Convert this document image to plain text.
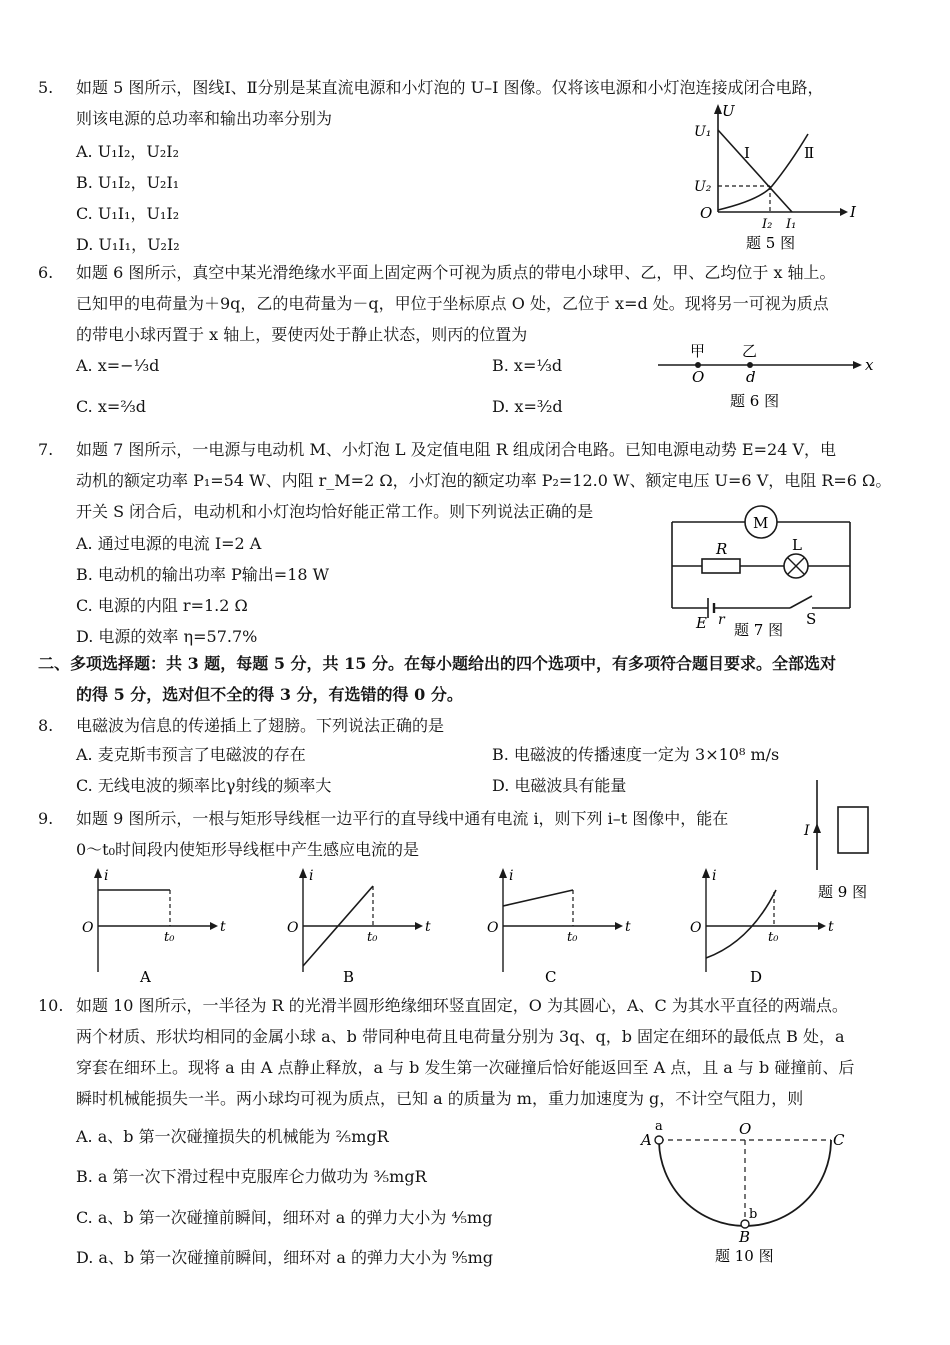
5. 如题 5 图所示，图线Ⅰ、Ⅱ分别是某直流电源和小灯泡的 U–I 图像。仅将该电源和小灯泡连接成闭合电路，
则该电源的总功率和输出功率分别为
A. U₁I₂，U₂I₂
B. U₁I₂，U₂I₁
C. U₁I₁，U₁I₂
D. U₁I₁，U₂I₂
U
U₁
U₂
O	I
I₂ I₁
Ⅰ	Ⅱ
题 5 图
6. 如题 6 图所示，真空中某光滑绝缘水平面上固定两个可视为质点的带电小球甲、乙，甲、乙均位于 x 轴上。
已知甲的电荷量为＋9q，乙的电荷量为－q，甲位于坐标原点 O 处，乙位于 x=d 处。现将另一可视为质点
的带电小球丙置于 x 轴上，要使丙处于静止状态，则丙的位置为
A. x=−⅓d	B. x=⅓d
C. x=⅔d	D. x=³⁄₂d
甲 乙
O	d
x
题 6 图
7. 如题 7 图所示，一电源与电动机 M、小灯泡 L 及定值电阻 R 组成闭合电路。已知电源电动势 E=24 V，电
动机的额定功率 P₁=54 W、内阻 r_M=2 Ω，小灯泡的额定功率 P₂=12.0 W、额定电压 U=6 V，电阻 R=6 Ω。
开关 S 闭合后，电动机和小灯泡均恰好能正常工作。则下列说法正确的是
A. 通过电源的电流 I=2 A
B. 电动机的输出功率 P输出=18 W
C. 电源的内阻 r=1.2 Ω
D. 电源的效率 η=57.7%
M
R	L
E r	S
题 7 图
二、多项选择题：共 3 题，每题 5 分，共 15 分。在每小题给出的四个选项中，有多项符合题目要求。全部选对
的得 5 分，选对但不全的得 3 分，有选错的得 0 分。
8. 电磁波为信息的传递插上了翅膀。下列说法正确的是
A. 麦克斯韦预言了电磁波的存在	B. 电磁波的传播速度一定为 3×10⁸ m/s
C. 无线电波的频率比γ射线的频率大	D. 电磁波具有能量
9. 如题 9 图所示，一根与矩形导线框一边平行的直导线中通有电流 i，则下列 i–t 图像中，能在
0～t₀时间段内使矩形导线框中产生感应电流的是
I
题 9 图
i
O
t₀
t
A
i
O
t₀
t
B
i
O
t₀
t
C
i
O
t₀
t
D
10. 如题 10 图所示，一半径为 R 的光滑半圆形绝缘细环竖直固定，O 为其圆心，A、C 为其水平直径的两端点。
两个材质、形状均相同的金属小球 a、b 带同种电荷且电荷量分别为 3q、q，b 固定在细环的最低点 B 处，a
穿套在细环上。现将 a 由 A 点静止释放，a 与 b 发生第一次碰撞后恰好能返回至 A 点，且 a 与 b 碰撞前、后
瞬时机械能损失一半。两小球均可视为质点，已知 a 的质量为 m，重力加速度为 g，不计空气阻力，则
A. a、b 第一次碰撞损失的机械能为 ⅖mgR
B. a 第一次下滑过程中克服库仑力做功为 ⅗mgR
C. a、b 第一次碰撞前瞬间，细环对 a 的弹力大小为 ⅘mg
D. a、b 第一次碰撞前瞬间，细环对 a 的弹力大小为 ⁹⁄₅mg
a
A
O
C
b
B
题 10 图
